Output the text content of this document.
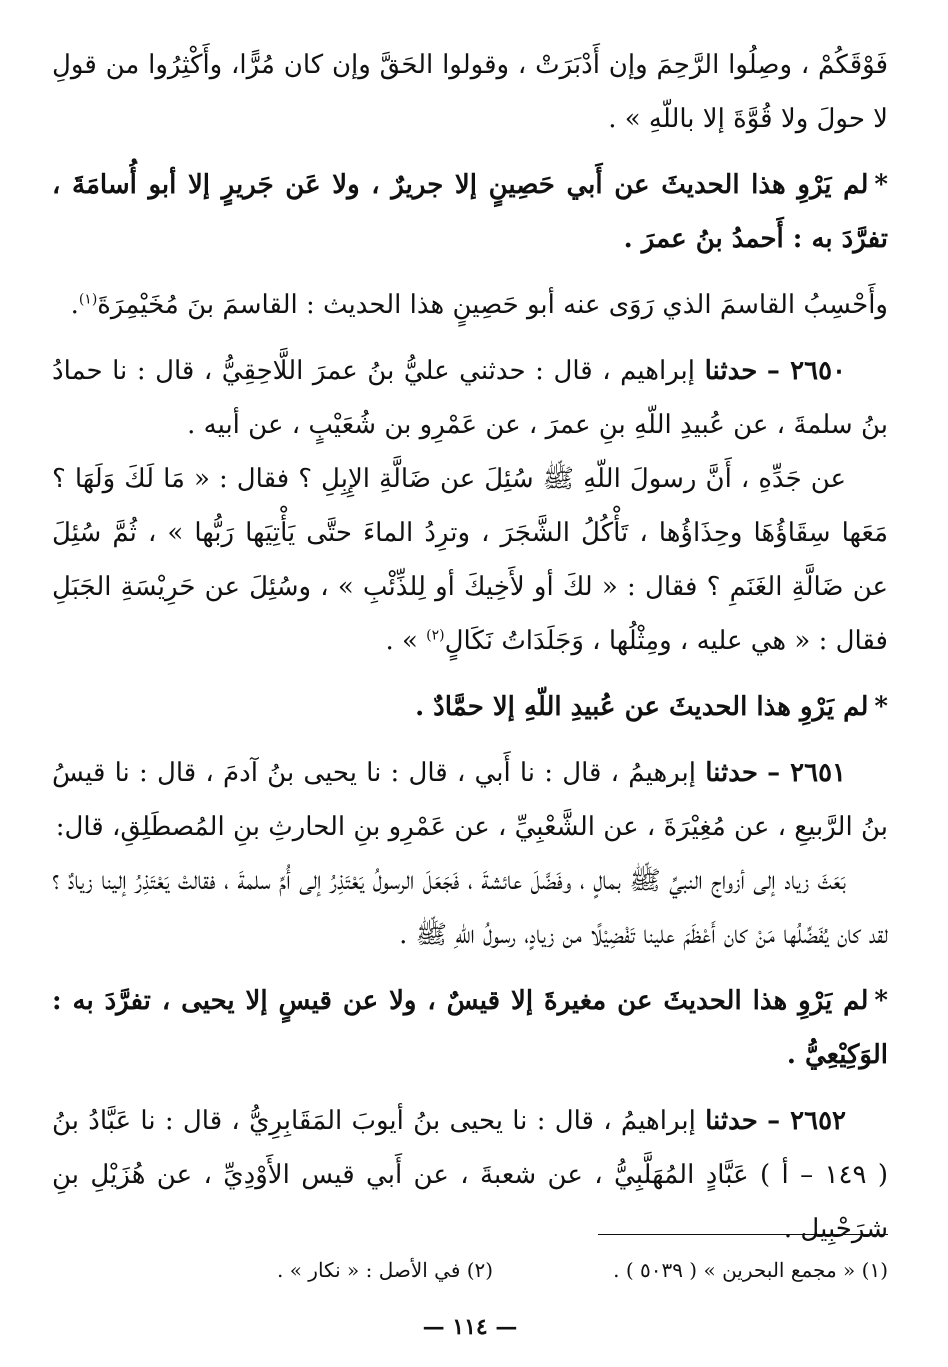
فَوْقَكُمْ ، وصِلُوا الرَّحِمَ وإن أَدْبَرَتْ ، وقولوا الحَقَّ وإن كان مُرًّا، وأَكْثِرُوا من قولِ لا حولَ ولا قُوَّةَ إلا باللّهِ » .

*لم يَرْوِ هذا الحديثَ عن أَبي حَصِينٍ إلا جريرٌ ، ولا عَن جَريرٍ إلا أبو أُسامَةَ ، تفرَّدَ به : أَحمدُ بنُ عمرَ .

وأَحْسِبُ القاسمَ الذي رَوَى عنه أبو حَصِينٍ هذا الحديث : القاسمَ بنَ مُخَيْمِرَةَ$^{(١)}$.

٢٦٥٠ – حدثنا إبراهيم ، قال : حدثني عليُّ بنُ عمرَ اللَّاحِقِيُّ ، قال : نا حمادُ بنُ سلمةَ ، عن عُبيدِ اللّهِ بنِ عمرَ ، عن عَمْرِو بن شُعَيْبٍ ، عن أبيه .

عن جَدِّهِ ، أَنَّ رسولَ اللّهِ ﷺ سُئِلَ عن ضَالَّةِ الإِبِلِ ؟ فقال : « مَا لَكَ وَلَهَا ؟ مَعَها سِقَاؤُهَا وحِذَاؤُها ، تَأْكُلُ الشَّجَرَ ، وترِدُ الماءَ حتَّى يَأْتِيَها رَبُّها » ، ثُمَّ سُئِلَ عن ضَالَّةِ الغَنَمِ ؟ فقال : « لكَ أو لأَخِيكَ أو لِلذِّئْبِ » ، وسُئِلَ عن حَرِيْسَةِ الجَبَلِ فقال : « هي عليه ، ومِثْلُها ، وَجَلَدَاتُ نَكَالٍ$^{(٢)}$ » .

*لم يَرْوِ هذا الحديثَ عن عُبيدِ اللّهِ إلا حمَّادٌ .

٢٦٥١ – حدثنا إبرهيمُ ، قال : نا أَبي ، قال : نا يحيى بنُ آدمَ ، قال : نا قيسُ بنُ الرَّبيعِ ، عن مُغِيْرَةَ ، عن الشَّعْبِيِّ ، عن عَمْرِو بنِ الحارثِ بنِ المُصطَلِقِ، قال:

بَعَثَ زياد إلى أزواج النبيِّ ﷺ بمالٍ ، وفَضَّلَ عائشةَ ، فَجَعَلَ الرسولُ يَعْتَذِرُ إلى أُمِّ سلمةَ ، فقالتْ يَعْتَذِرُ إلينا زيادٌ ؟ لقد كان يُفَضِّلُها مَنْ كان أَعْظَمَ علينا تَفْضِيْلًا من زيادٍ، رسولُ اللّهِ ﷺ .

*لم يَرْوِ هذا الحديثَ عن مغيرةَ إلا قيسٌ ، ولا عن قيسٍ إلا يحيى ، تفرَّدَ به : الوَكِيْعِيُّ .

٢٦٥٢ – حدثنا إبراهيمُ ، قال : نا يحيى بنُ أيوبَ المَقَابِرِيُّ ، قال : نا عَبَّادُ بنُ ( ١٤٩ – أ ) عَبَّادٍ المُهَلَّبِيُّ ، عن شعبةَ ، عن أَبي قيس الأَوْدِيِّ ، عن هُزَيْلِ بنِ شرَحْبِيل .

(١) « مجمع البحرين » ( ٥٠٣٩ ) .
(٢) في الأصل : « نكار » .
— ١١٤ —
